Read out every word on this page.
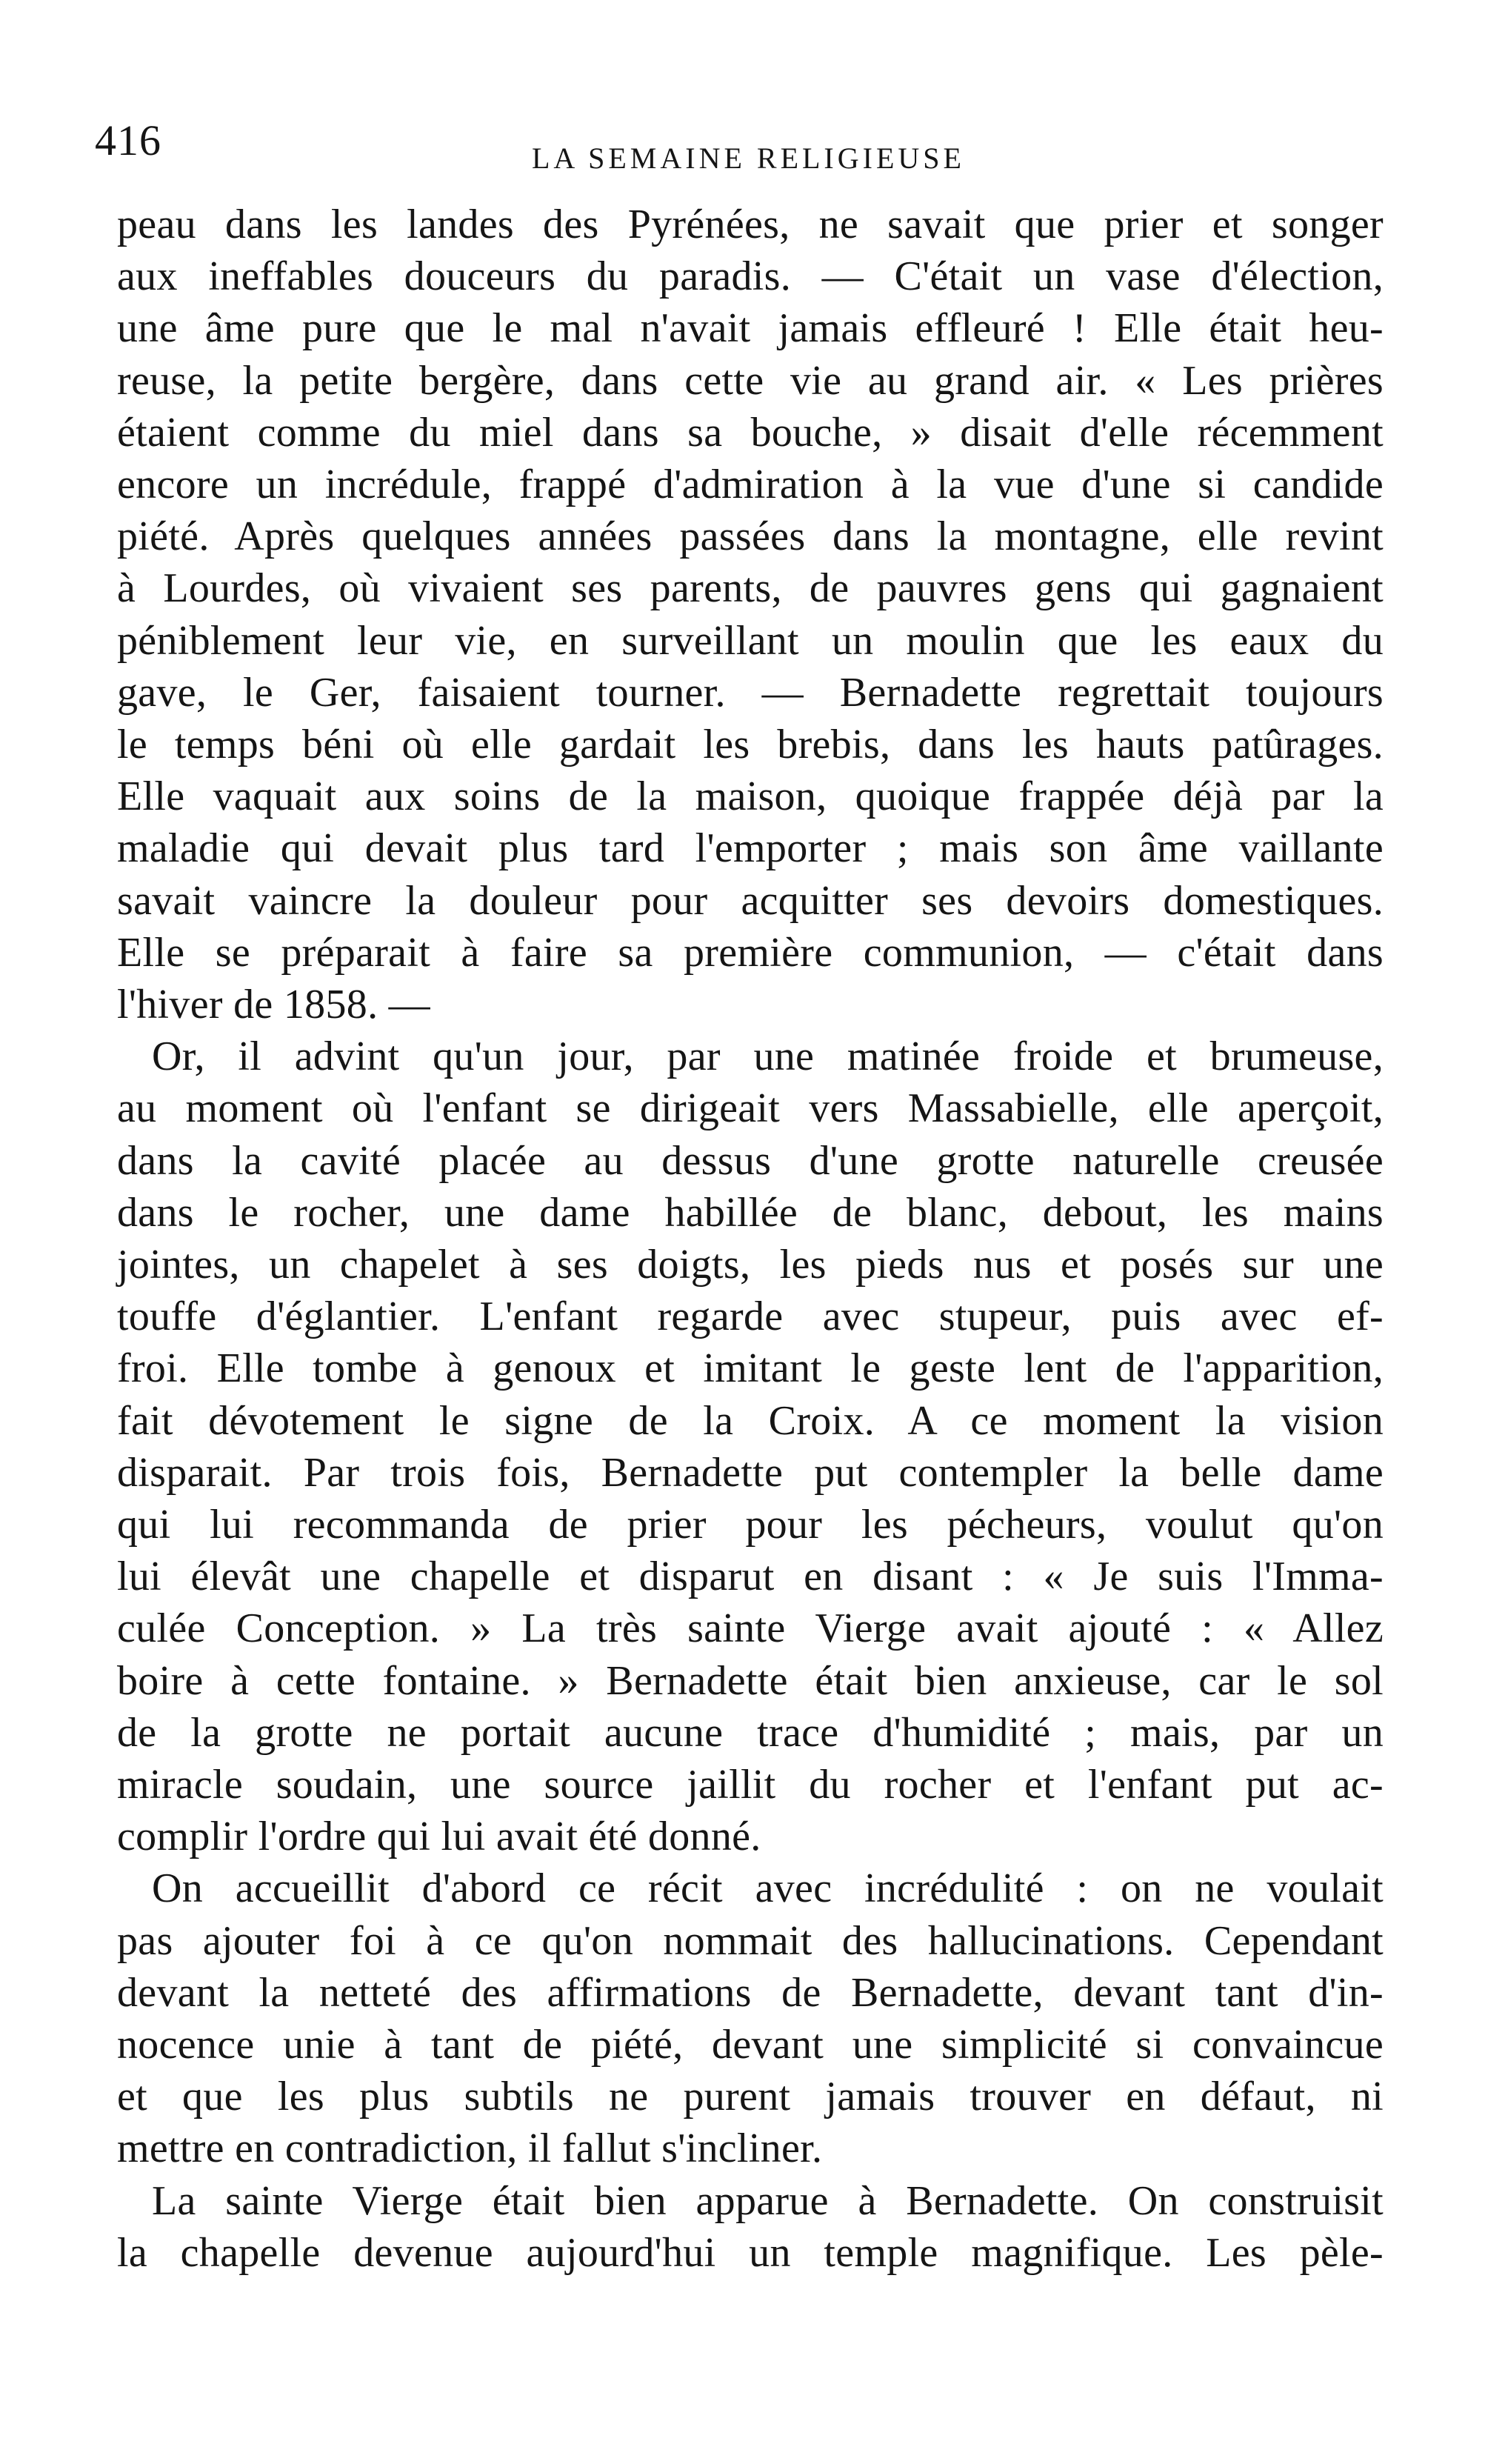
416	LA SEMAINE RELIGIEUSE
peau dans les landes des Pyrénées, ne savait que prier et songer
aux ineffables douceurs du paradis. — C'était un vase d'élection,
une âme pure que le mal n'avait jamais effleuré ! Elle était heu-
reuse, la petite bergère, dans cette vie au grand air. « Les prières
étaient comme du miel dans sa bouche, » disait d'elle récemment
encore un incrédule, frappé d'admiration à la vue d'une si candide
piété. Après quelques années passées dans la montagne, elle revint
à Lourdes, où vivaient ses parents, de pauvres gens qui gagnaient
péniblement leur vie, en surveillant un moulin que les eaux du
gave, le Ger, faisaient tourner. — Bernadette regrettait toujours
le temps béni où elle gardait les brebis, dans les hauts patûrages.
Elle vaquait aux soins de la maison, quoique frappée déjà par la
maladie qui devait plus tard l'emporter ; mais son âme vaillante
savait vaincre la douleur pour acquitter ses devoirs domestiques.
Elle se préparait à faire sa première communion, — c'était dans
l'hiver de 1858. —
Or, il advint qu'un jour, par une matinée froide et brumeuse,
au moment où l'enfant se dirigeait vers Massabielle, elle aperçoit,
dans la cavité placée au dessus d'une grotte naturelle creusée
dans le rocher, une dame habillée de blanc, debout, les mains
jointes, un chapelet à ses doigts, les pieds nus et posés sur une
touffe d'églantier. L'enfant regarde avec stupeur, puis avec ef-
froi. Elle tombe à genoux et imitant le geste lent de l'apparition,
fait dévotement le signe de la Croix. A ce moment la vision
disparait. Par trois fois, Bernadette put contempler la belle dame
qui lui recommanda de prier pour les pécheurs, voulut qu'on
lui élevât une chapelle et disparut en disant : « Je suis l'Imma-
culée Conception. » La très sainte Vierge avait ajouté : « Allez
boire à cette fontaine. » Bernadette était bien anxieuse, car le sol
de la grotte ne portait aucune trace d'humidité ; mais, par un
miracle soudain, une source jaillit du rocher et l'enfant put ac-
complir l'ordre qui lui avait été donné.
On accueillit d'abord ce récit avec incrédulité : on ne voulait
pas ajouter foi à ce qu'on nommait des hallucinations. Cependant
devant la netteté des affirmations de Bernadette, devant tant d'in-
nocence unie à tant de piété, devant une simplicité si convaincue
et que les plus subtils ne purent jamais trouver en défaut, ni
mettre en contradiction, il fallut s'incliner.
La sainte Vierge était bien apparue à Bernadette. On construisit
la chapelle devenue aujourd'hui un temple magnifique. Les pèle-
